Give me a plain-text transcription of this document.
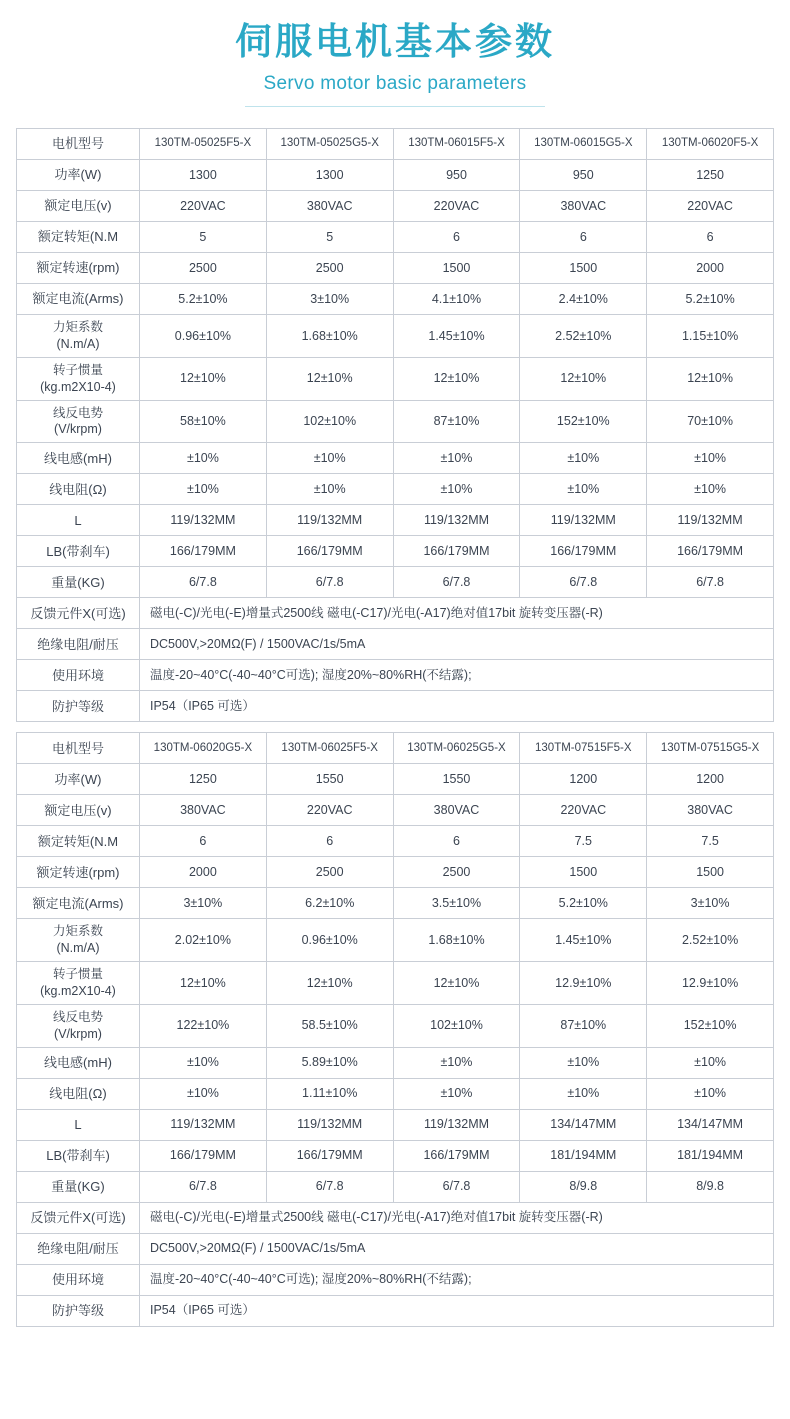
伺服电机基本参数
Servo motor basic parameters
电机型号	130TM-05025F5-X	130TM-05025G5-X	130TM-06015F5-X	130TM-06015G5-X	130TM-06020F5-X
功率(W)	1300	1300	950	950	1250
额定电压(v)	220VAC	380VAC	220VAC	380VAC	220VAC
额定转矩(N.M	5	5	6	6	6
额定转速(rpm)	2500	2500	1500	1500	2000
额定电流(Arms)	5.2±10%	3±10%	4.1±10%	2.4±10%	5.2±10%

力矩系数
(N.m/A)	0.96±10%	1.68±10%	1.45±10%	2.52±10%	1.15±10%

转子惯量
(kg.m2X10-4)	12±10%	12±10%	12±10%	12±10%	12±10%

线反电势
(V/krpm)	58±10%	102±10%	87±10%	152±10%	70±10%
线电感(mH)	±10%	±10%	±10%	±10%	±10%
线电阻(Ω)	±10%	±10%	±10%	±10%	±10%
L	119/132MM	119/132MM	119/132MM	119/132MM	119/132MM
LB(带刹车)	166/179MM	166/179MM	166/179MM	166/179MM	166/179MM
重量(KG)	6/7.8	6/7.8	6/7.8	6/7.8	6/7.8
反馈元件X(可选)	磁电(-C)/光电(-E)增量式2500线 磁电(-C17)/光电(-A17)绝对值17bit 旋转变压器(-R)				
绝缘电阻/耐压	DC500V,>20MΩ(F) / 1500VAC/1s/5mA				
使用环境	温度-20~40°C(-40~40°C可选); 湿度20%~80%RH(不结露);				
防护等级	IP54（IP65 可选）				
电机型号	130TM-06020G5-X	130TM-06025F5-X	130TM-06025G5-X	130TM-07515F5-X	130TM-07515G5-X
功率(W)	1250	1550	1550	1200	1200
额定电压(v)	380VAC	220VAC	380VAC	220VAC	380VAC
额定转矩(N.M	6	6	6	7.5	7.5
额定转速(rpm)	2000	2500	2500	1500	1500
额定电流(Arms)	3±10%	6.2±10%	3.5±10%	5.2±10%	3±10%

力矩系数
(N.m/A)	2.02±10%	0.96±10%	1.68±10%	1.45±10%	2.52±10%

转子惯量
(kg.m2X10-4)	12±10%	12±10%	12±10%	12.9±10%	12.9±10%

线反电势
(V/krpm)	122±10%	58.5±10%	102±10%	87±10%	152±10%
线电感(mH)	±10%	5.89±10%	±10%	±10%	±10%
线电阻(Ω)	±10%	1.11±10%	±10%	±10%	±10%
L	119/132MM	119/132MM	119/132MM	134/147MM	134/147MM
LB(带刹车)	166/179MM	166/179MM	166/179MM	181/194MM	181/194MM
重量(KG)	6/7.8	6/7.8	6/7.8	8/9.8	8/9.8
反馈元件X(可选)	磁电(-C)/光电(-E)增量式2500线 磁电(-C17)/光电(-A17)绝对值17bit 旋转变压器(-R)				
绝缘电阻/耐压	DC500V,>20MΩ(F) / 1500VAC/1s/5mA				
使用环境	温度-20~40°C(-40~40°C可选); 湿度20%~80%RH(不结露);				
防护等级	IP54（IP65 可选）				
